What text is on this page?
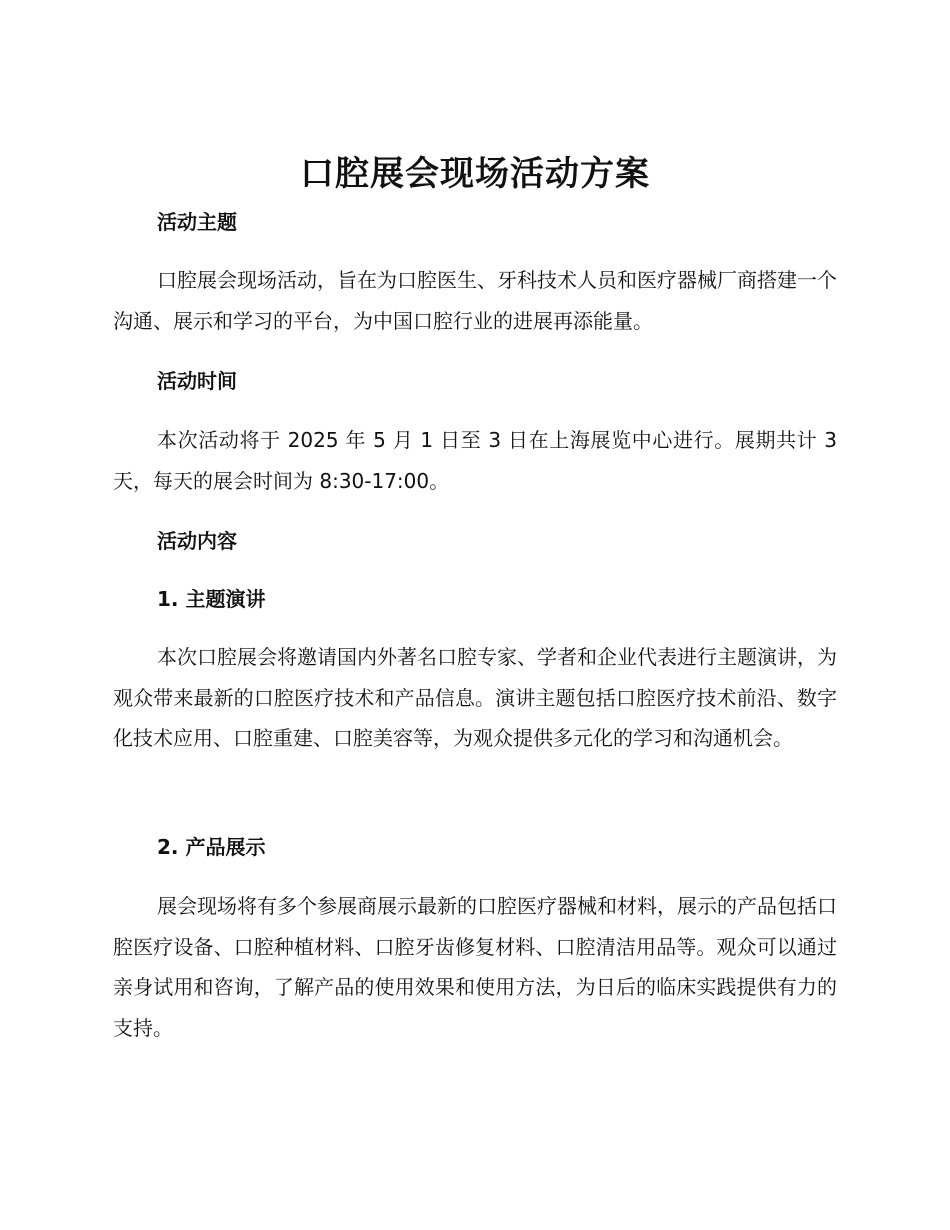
口腔展会现场活动方案
活动主题
口腔展会现场活动，旨在为口腔医生、牙科技术人员和医疗器械厂商搭建一个沟通、展示和学习的平台，为中国口腔行业的进展再添能量。
活动时间
本次活动将于 2025 年 5 月 1 日至 3 日在上海展览中心进行。展期共计 3 天，每天的展会时间为 8:30-17:00。
活动内容
1. 主题演讲
本次口腔展会将邀请国内外著名口腔专家、学者和企业代表进行主题演讲，为观众带来最新的口腔医疗技术和产品信息。演讲主题包括口腔医疗技术前沿、数字化技术应用、口腔重建、口腔美容等，为观众提供多元化的学习和沟通机会。
2. 产品展示
展会现场将有多个参展商展示最新的口腔医疗器械和材料，展示的产品包括口腔医疗设备、口腔种植材料、口腔牙齿修复材料、口腔清洁用品等。观众可以通过亲身试用和咨询，了解产品的使用效果和使用方法，为日后的临床实践提供有力的支持。
